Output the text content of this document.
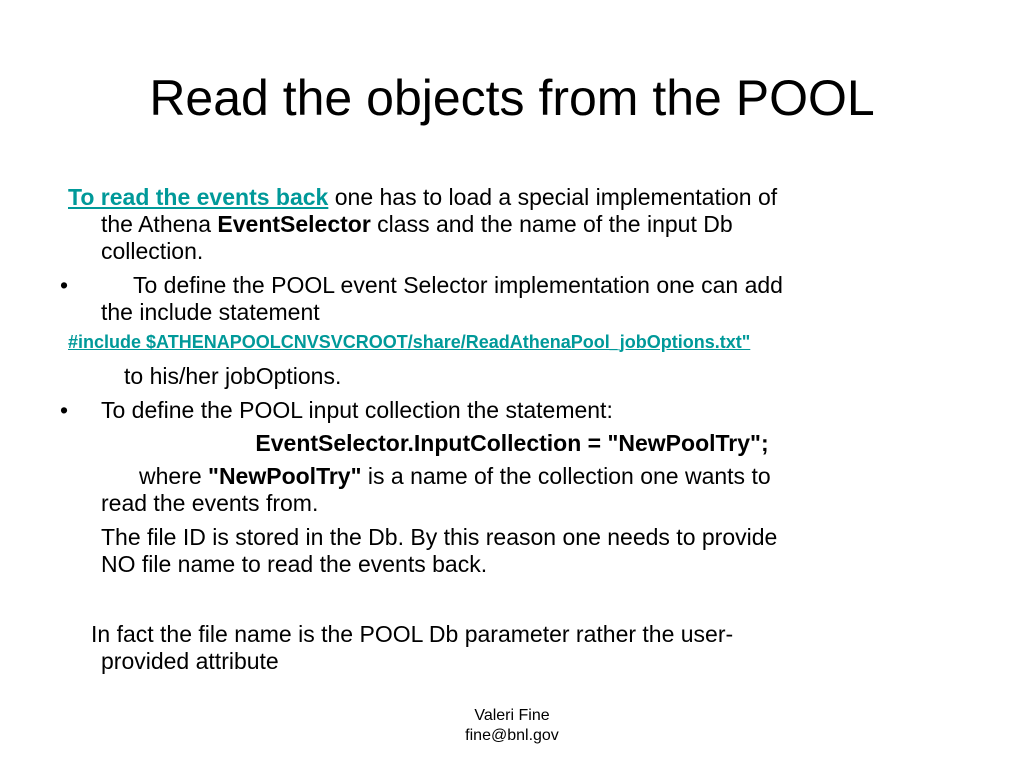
Read the objects from the POOL
To read the events back one has to load a special implementation of
the Athena EventSelector class and the name of the input Db
collection.
•	To define the POOL event Selector implementation one can add
the include statement
#include $ATHENAPOOLCNVSVCROOT/share/ReadAthenaPool_jobOptions.txt"
to his/her jobOptions.
• To define the POOL input collection the statement:
EventSelector.InputCollection = "NewPoolTry";
where "NewPoolTry" is a name of the collection one wants to
read the events from.
The file ID is stored in the Db. By this reason one needs to provide
NO file name to read the events back.
In fact the file name is the POOL Db parameter rather the user-
provided attribute
Valeri Fine
fine@bnl.gov
